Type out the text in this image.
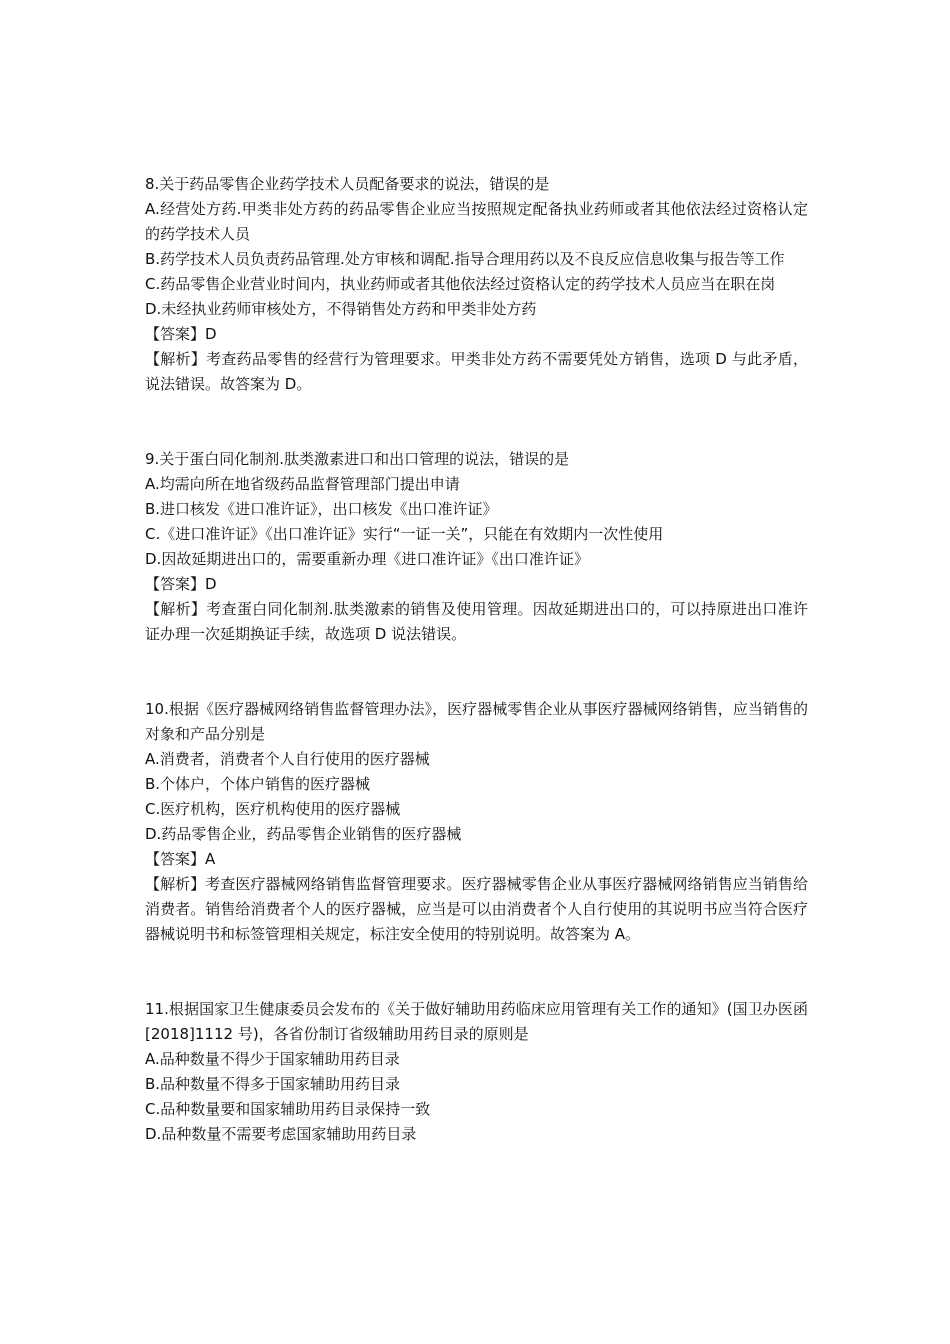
8.关于药品零售企业药学技术人员配备要求的说法，错误的是

A.经营处方药.甲类非处方药的药品零售企业应当按照规定配备执业药师或者其他依法经过资格认定的药学技术人员

B.药学技术人员负责药品管理.处方审核和调配.指导合理用药以及不良反应信息收集与报告等工作

C.药品零售企业营业时间内，执业药师或者其他依法经过资格认定的药学技术人员应当在职在岗

D.未经执业药师审核处方，不得销售处方药和甲类非处方药

【答案】D

【解析】考查药品零售的经营行为管理要求。甲类非处方药不需要凭处方销售，选项 D 与此矛盾，说法错误。故答案为 D。

9.关于蛋白同化制剂.肽类激素进口和出口管理的说法，错误的是

A.均需向所在地省级药品监督管理部门提出申请

B.进口核发《进口准许证》，出口核发《出口准许证》

C.《进口准许证》《出口准许证》实行“一证一关”，只能在有效期内一次性使用

D.因故延期进出口的，需要重新办理《进口准许证》《出口准许证》

【答案】D

【解析】考查蛋白同化制剂.肽类激素的销售及使用管理。因故延期进出口的，可以持原进出口准许证办理一次延期换证手续，故选项 D 说法错误。

10.根据《医疗器械网络销售监督管理办法》，医疗器械零售企业从事医疗器械网络销售，应当销售的对象和产品分别是

A.消费者，消费者个人自行使用的医疗器械

B.个体户，个体户销售的医疗器械

C.医疗机构，医疗机构使用的医疗器械

D.药品零售企业，药品零售企业销售的医疗器械

【答案】A

【解析】考查医疗器械网络销售监督管理要求。医疗器械零售企业从事医疗器械网络销售应当销售给消费者。销售给消费者个人的医疗器械，应当是可以由消费者个人自行使用的其说明书应当符合医疗器械说明书和标签管理相关规定，标注安全使用的特别说明。故答案为 A。

11.根据国家卫生健康委员会发布的《关于做好辅助用药临床应用管理有关工作的通知》(国卫办医函[2018]1112 号)，各省份制订省级辅助用药目录的原则是

A.品种数量不得少于国家辅助用药目录

B.品种数量不得多于国家辅助用药目录

C.品种数量要和国家辅助用药目录保持一致

D.品种数量不需要考虑国家辅助用药目录
